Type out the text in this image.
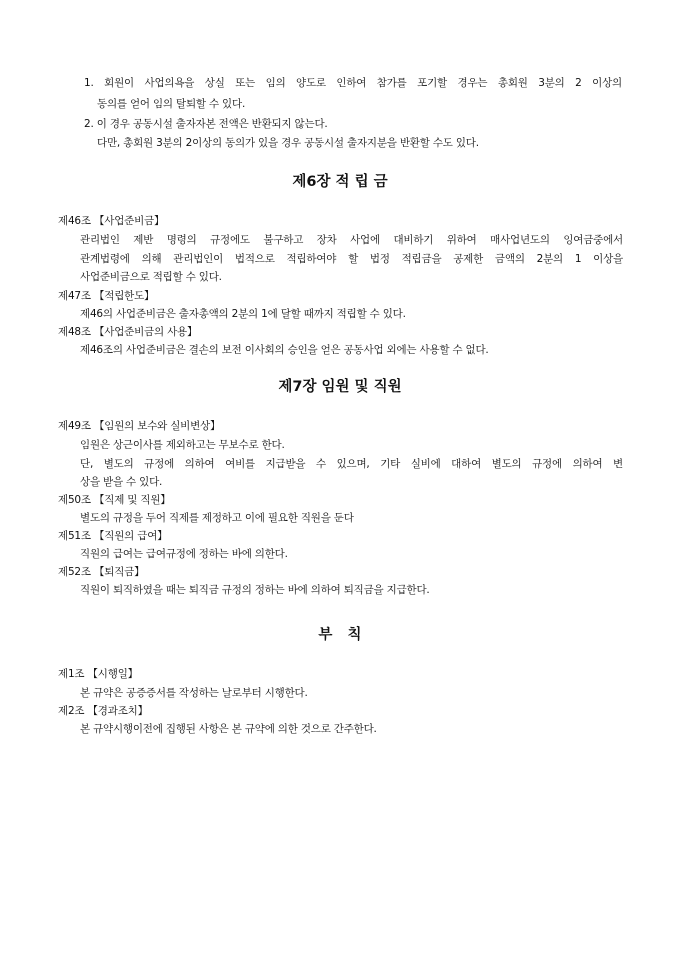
1. 회원이 사업의욕을 상실 또는 임의 양도로 인하여 참가를 포기할 경우는 총회원 3분의 2 이상의
동의를 얻어 임의 탈퇴할 수 있다.
2. 이 경우 공동시설 출자자본 전액은 반환되지 않는다.
다만, 총회원 3분의 2이상의 동의가 있을 경우 공동시설 출자지분을 반환할 수도 있다.
제6장 적 립 금
제46조 【사업준비금】
관리법인 제반 명령의 규정에도 불구하고 장차 사업에 대비하기 위하여 매사업년도의 잉여금중에서
관계법령에 의해 관리법인이 법적으로 적립하여야 할 법정 적립금을 공제한 금액의 2분의 1 이상을
사업준비금으로 적립할 수 있다.
제47조 【적립한도】
제46의 사업준비금은 출자총액의 2분의 1에 달할 때까지 적립할 수 있다.
제48조 【사업준비금의 사용】
제46조의 사업준비금은 결손의 보전 이사회의 승인을 얻은 공동사업 외에는 사용할 수 없다.
제7장 임원 및 직원
제49조 【임원의 보수와 실비변상】
임원은 상근이사를 제외하고는 무보수로 한다.
단, 별도의 규정에 의하여 여비를 지급받을 수 있으며, 기타 실비에 대하여 별도의 규정에 의하여 변
상을 받을 수 있다.
제50조 【직제 및 직원】
별도의 규정을 두어 직제를 제정하고 이에 필요한 직원을 둔다
제51조 【직원의 급여】
직원의 급여는 급여규정에 정하는 바에 의한다.
제52조 【퇴직금】
직원이 퇴직하였을 때는 퇴직금 규정의 정하는 바에 의하여 퇴직금을 지급한다.
부   칙
제1조 【시행일】
본 규약은 공증증서를 작성하는 날로부터 시행한다.
제2조 【경과조치】
본 규약시행이전에 집행된 사항은 본 규약에 의한 것으로 간주한다.
